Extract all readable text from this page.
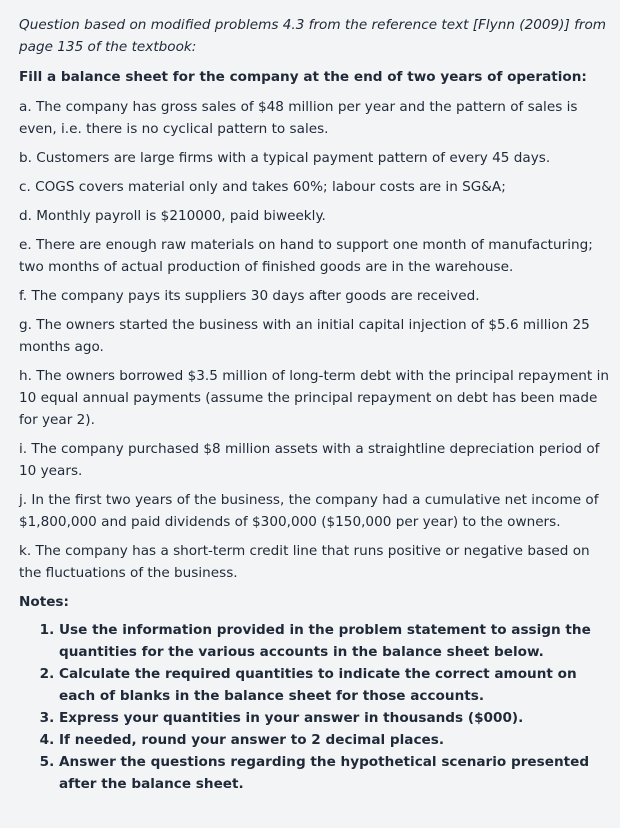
Question based on modified problems 4.3 from the reference text [Flynn (2009)] from page 135 of the textbook:

Fill a balance sheet for the company at the end of two years of operation:

a. The company has gross sales of $48 million per year and the pattern of sales is even, i.e. there is no cyclical pattern to sales.

b. Customers are large firms with a typical payment pattern of every 45 days.

c. COGS covers material only and takes 60%; labour costs are in SG&A;

d. Monthly payroll is $210000, paid biweekly.

e. There are enough raw materials on hand to support one month of manufacturing; two months of actual production of finished goods are in the warehouse.

f. The company pays its suppliers 30 days after goods are received.

g. The owners started the business with an initial capital injection of $5.6 million 25 months ago.

h. The owners borrowed $3.5 million of long-term debt with the principal repayment in 10 equal annual payments (assume the principal repayment on debt has been made for year 2).

i. The company purchased $8 million assets with a straightline depreciation period of 10 years.

j. In the first two years of the business, the company had a cumulative net income of $1,800,000 and paid dividends of $300,000 ($150,000 per year) to the owners.

k. The company has a short-term credit line that runs positive or negative based on the fluctuations of the business.

Notes:

1. Use the information provided in the problem statement to assign the quantities for the various accounts in the balance sheet below.
2. Calculate the required quantities to indicate the correct amount on each of blanks in the balance sheet for those accounts.
3. Express your quantities in your answer in thousands ($000).
4. If needed, round your answer to 2 decimal places.
5. Answer the questions regarding the hypothetical scenario presented after the balance sheet.
